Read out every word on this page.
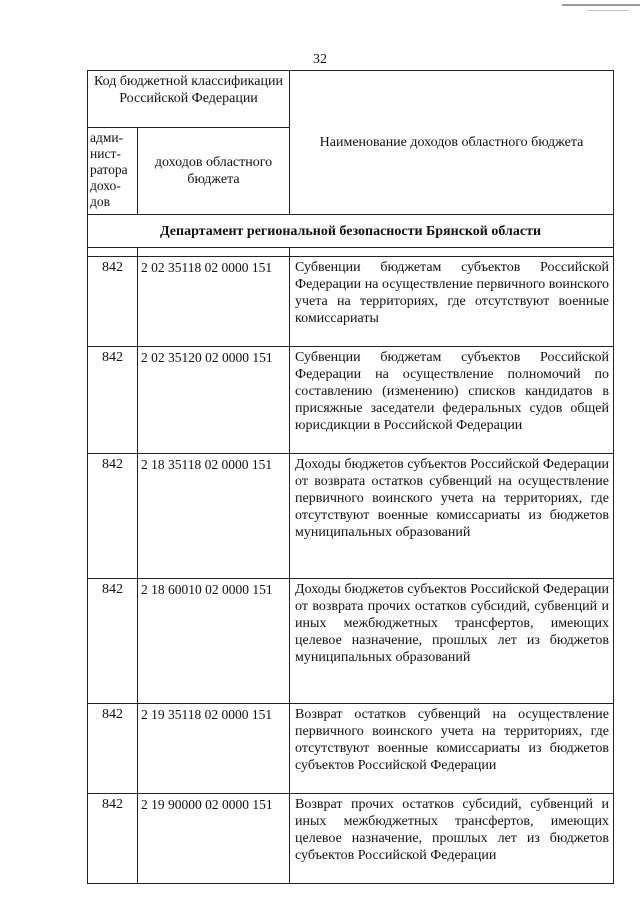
32
Код бюджетной классификации Российской Федерации		Наименование доходов областного бюджета
адми-нист-ратора дохо-дов	доходов областного бюджета	
Департамент региональной безопасности Брянской области		

842	2 02 35118 02 0000 151	Субвенции бюджетам субъектов Российской Федерации на осуществление первичного воинского учета на территориях, где отсутствуют военные комиссариаты
842	2 02 35120 02 0000 151	Субвенции бюджетам субъектов Российской Федерации на осуществление полномочий по составлению (изменению) списков кандидатов в присяжные заседатели федеральных судов общей юрисдикции в Российской Федерации
842	2 18 35118 02 0000 151	Доходы бюджетов субъектов Российской Федерации от возврата остатков субвенций на осуществление первичного воинского учета на территориях, где отсутствуют военные комиссариаты из бюджетов муниципальных образований
842	2 18 60010 02 0000 151	Доходы бюджетов субъектов Российской Федерации от возврата прочих остатков субсидий, субвенций и иных межбюджетных трансфертов, имеющих целевое назначение, прошлых лет из бюджетов муниципальных образований
842	2 19 35118 02 0000 151	Возврат остатков субвенций на осуществление первичного воинского учета на территориях, где отсутствуют военные комиссариаты из бюджетов субъектов Российской Федерации
842	2 19 90000 02 0000 151	Возврат прочих остатков субсидий, субвенций и иных межбюджетных трансфертов, имеющих целевое назначение, прошлых лет из бюджетов субъектов Российской Федерации
